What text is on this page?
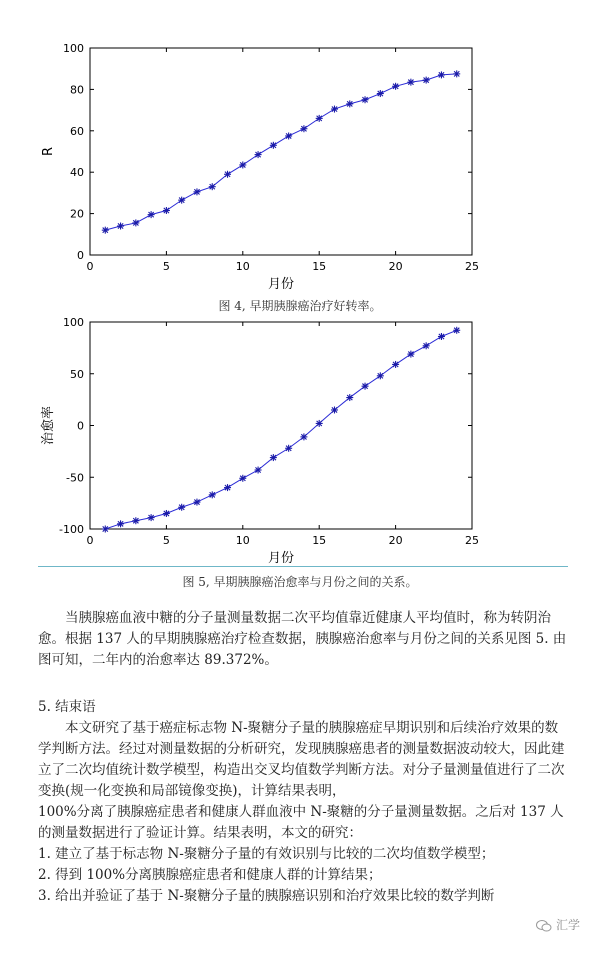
0	5	10	15	20	25
0
20
40
60
80
100
月份
R

图 4, 早期胰腺癌治疗好转率。

0	5	10	15	20	25
-100
-50
0
50
100
月份
治愈率

图 5, 早期胰腺癌治愈率与月份之间的关系。

当胰腺癌血液中糖的分子量测量数据二次平均值靠近健康人平均值时，称为转阴治愈。根据 137 人的早期胰腺癌治疗检查数据，胰腺癌治愈率与月份之间的关系见图 5. 由图可知，二年内的治愈率达 89.372%。

5. 结束语
本文研究了基于癌症标志物 N-聚糖分子量的胰腺癌症早期识别和后续治疗效果的数学判断方法。经过对测量数据的分析研究，发现胰腺癌患者的测量数据波动较大，因此建立了二次均值统计数学模型，构造出交叉均值数学判断方法。对分子量测量值进行了二次变换(规一化变换和局部镜像变换)，计算结果表明，
100%分离了胰腺癌症患者和健康人群血液中 N-聚糖的分子量测量数据。之后对 137 人的测量数据进行了验证计算。结果表明，本文的研究：
1. 建立了基于标志物 N-聚糖分子量的有效识别与比较的二次均值数学模型；
2. 得到 100%分离胰腺癌症患者和健康人群的计算结果；
3. 给出并验证了基于 N-聚糖分子量的胰腺癌识别和治疗效果比较的数学判断
汇学
